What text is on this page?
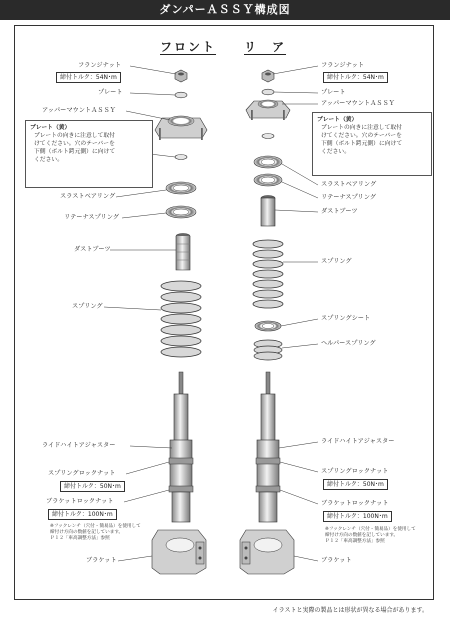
ダンパーＡＳＳＹ構成図
フロント リ　ア
フランジナット
締付トルク：54N･m
プレート
アッパーマウントＡＳＳＹ
スラストベアリング
リテーナスプリング
ダストブーツ
スプリング
ライドハイトアジャスター
スプリングロックナット
締付トルク：50N･m
ブラケットロックナット
締付トルク：100N･m
※フックレンチ（穴付・簡易品）を使用して
締付け方向の数値を記しています。
Ｐ１２「車高調整方法」参照
ブラケット
プレート（黄）
プレートの向きに注意して取付
けてください。穴のテーパーを
下側（ボルト鍔元側）に向けて
ください。
フランジナット
締付トルク：54N･m
プレート
アッパーマウントＡＳＳＹ
スラストベアリング
リテーナスプリング
ダストブーツ
スプリング
スプリングシート
ヘルパースプリング
ライドハイトアジャスター
スプリングロックナット
締付トルク：50N･m
ブラケットロックナット
締付トルク：100N･m
※フックレンチ（穴付・簡易品）を使用して
締付け方向の数値を記しています。
Ｐ１２「車高調整方法」参照
ブラケット
プレート（黄）
プレートの向きに注意して取付
けてください。穴のテーパーを
下側（ボルト鍔元側）に向けて
ください。
イラストと実際の製品とは形状が異なる場合があります。
